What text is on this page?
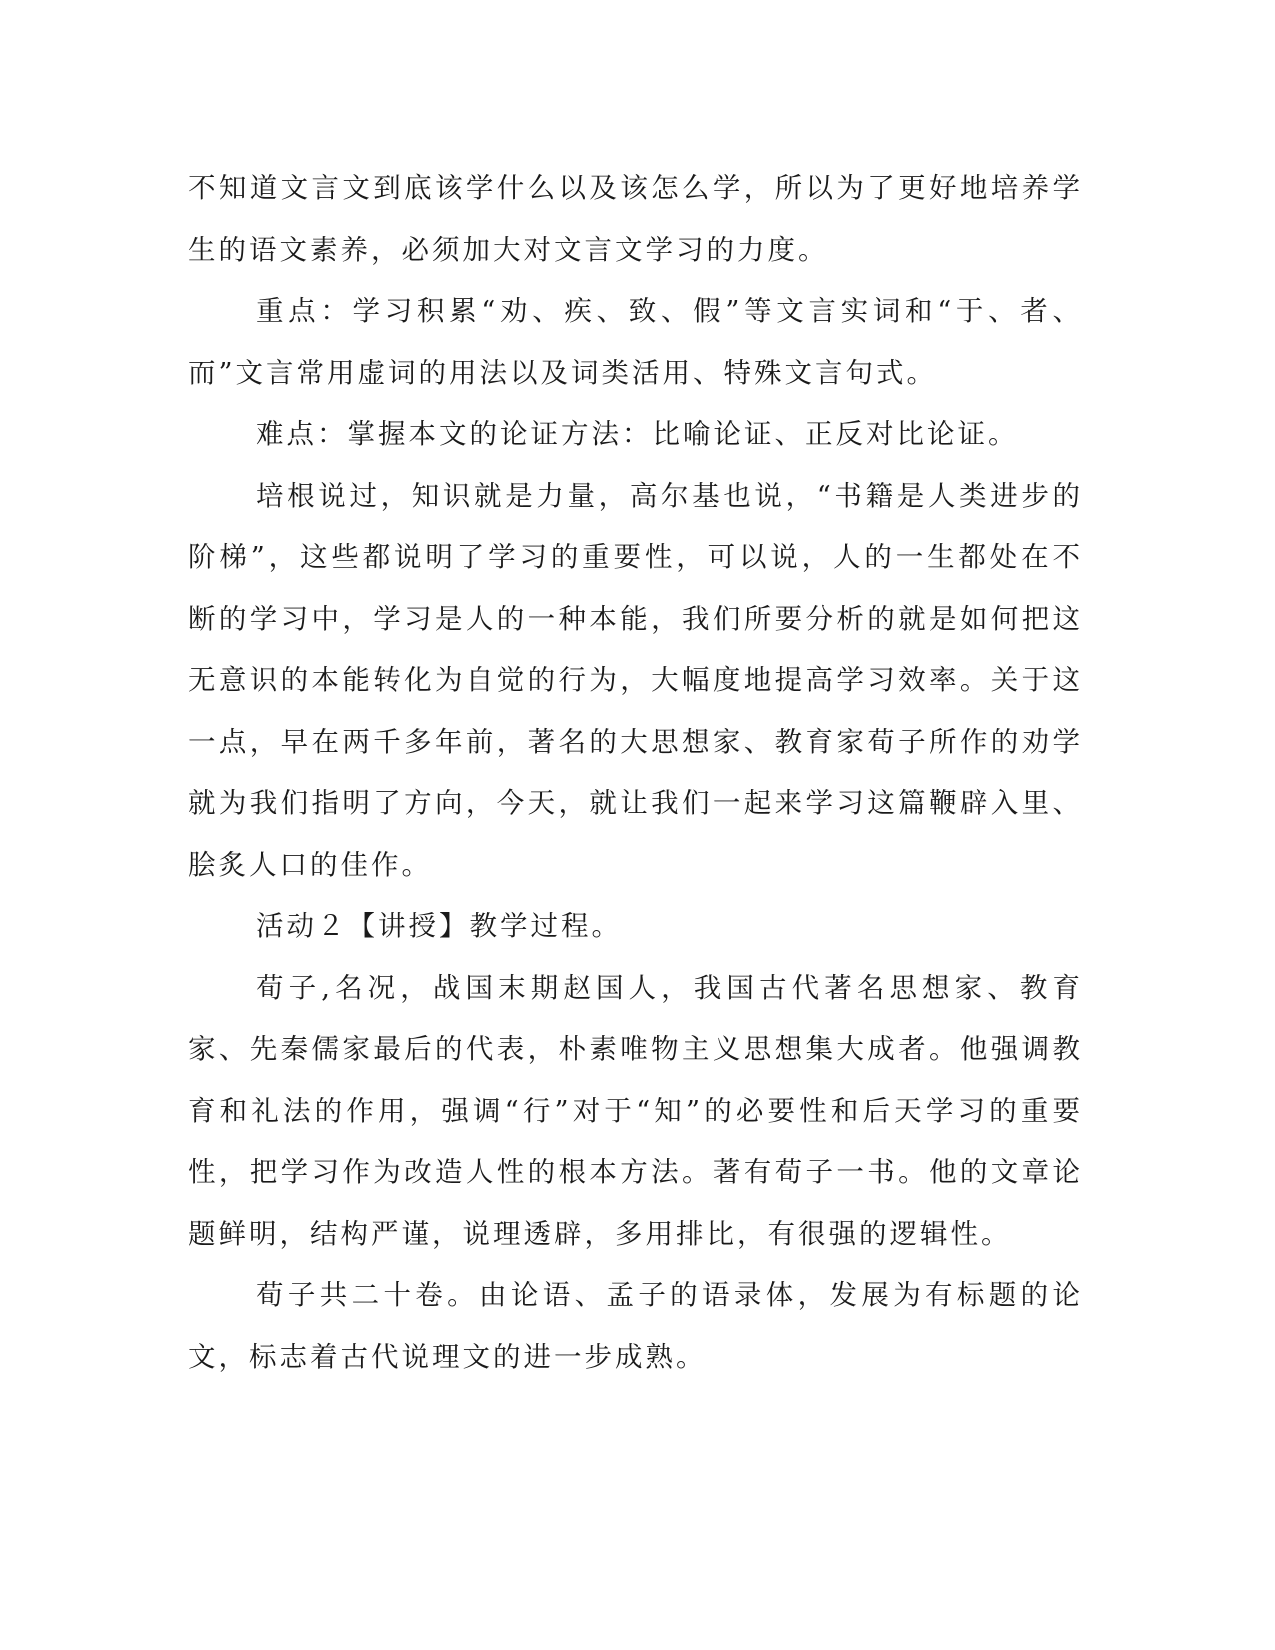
不知道文言文到底该学什么以及该怎么学，所以为了更好地培养学生的语文素养，必须加大对文言文学习的力度。

重点：学习积累“劝、疾、致、假”等文言实词和“于、者、而”文言常用虚词的用法以及词类活用、特殊文言句式。

难点：掌握本文的论证方法：比喻论证、正反对比论证。

培根说过，知识就是力量，高尔基也说，“书籍是人类进步的阶梯”，这些都说明了学习的重要性，可以说，人的一生都处在不断的学习中，学习是人的一种本能，我们所要分析的就是如何把这无意识的本能转化为自觉的行为，大幅度地提高学习效率。关于这一点，早在两千多年前，著名的大思想家、教育家荀子所作的劝学就为我们指明了方向，今天，就让我们一起来学习这篇鞭辟入里、脍炙人口的佳作。

活动２【讲授】教学过程。

荀子,名况，战国末期赵国人，我国古代著名思想家、教育家、先秦儒家最后的代表，朴素唯物主义思想集大成者。他强调教育和礼法的作用，强调“行”对于“知”的必要性和后天学习的重要性，把学习作为改造人性的根本方法。著有荀子一书。他的文章论题鲜明，结构严谨，说理透辟，多用排比，有很强的逻辑性。

荀子共二十卷。由论语、孟子的语录体，发展为有标题的论文，标志着古代说理文的进一步成熟。
